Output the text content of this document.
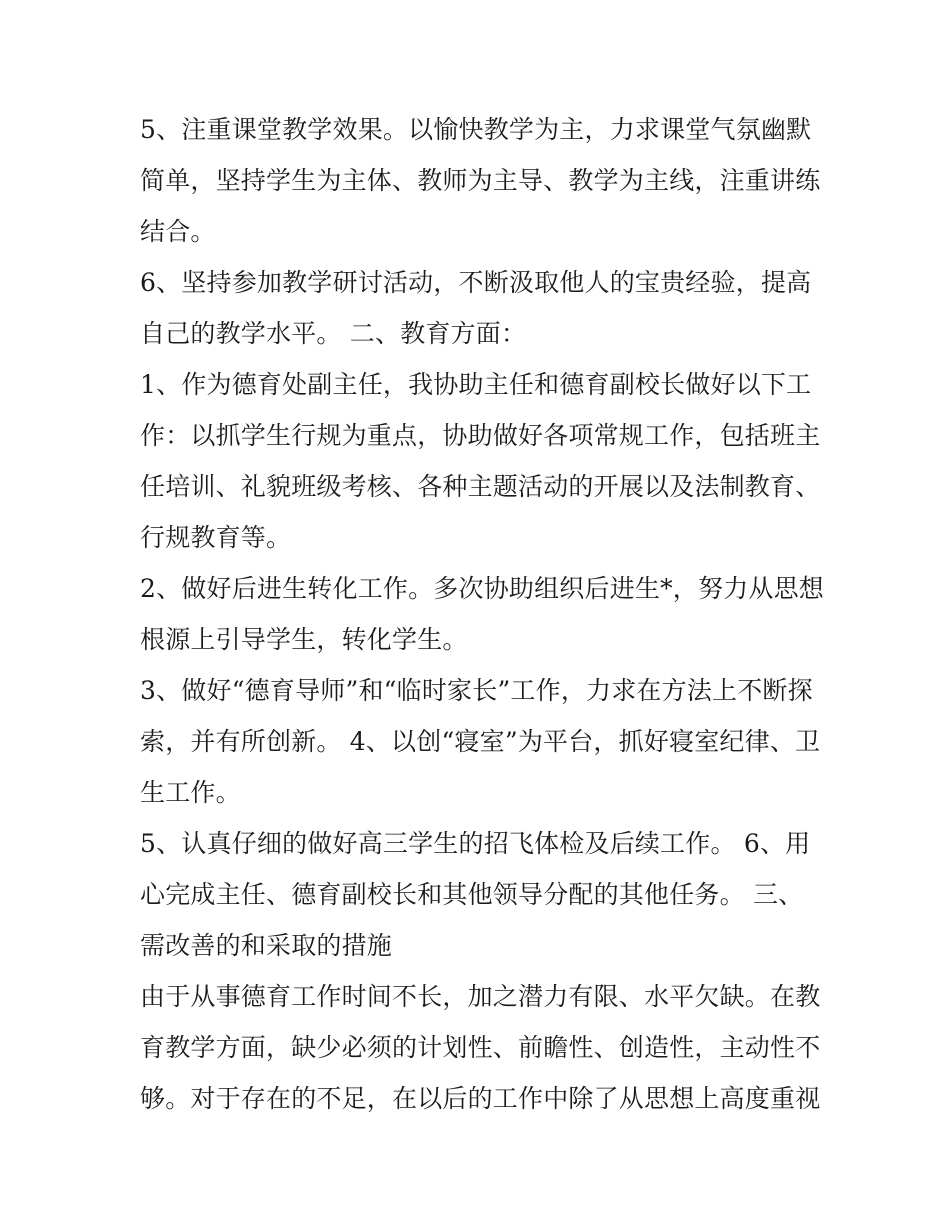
5、注重课堂教学效果。以愉快教学为主，力求课堂气氛幽默
简单，坚持学生为主体、教师为主导、教学为主线，注重讲练
结合。
6、坚持参加教学研讨活动，不断汲取他人的宝贵经验，提高
自己的教学水平。 二、教育方面：
1、作为德育处副主任，我协助主任和德育副校长做好以下工
作：以抓学生行规为重点，协助做好各项常规工作，包括班主
任培训、礼貌班级考核、各种主题活动的开展以及法制教育、
行规教育等。
2、做好后进生转化工作。多次协助组织后进生*，努力从思想
根源上引导学生，转化学生。
3、做好“德育导师”和“临时家长”工作，力求在方法上不断探
索，并有所创新。 4、以创“寝室”为平台，抓好寝室纪律、卫
生工作。
5、认真仔细的做好高三学生的招飞体检及后续工作。 6、用
心完成主任、德育副校长和其他领导分配的其他任务。 三、
需改善的和采取的措施
由于从事德育工作时间不长，加之潜力有限、水平欠缺。在教
育教学方面，缺少必须的计划性、前瞻性、创造性，主动性不
够。对于存在的不足，在以后的工作中除了从思想上高度重视
